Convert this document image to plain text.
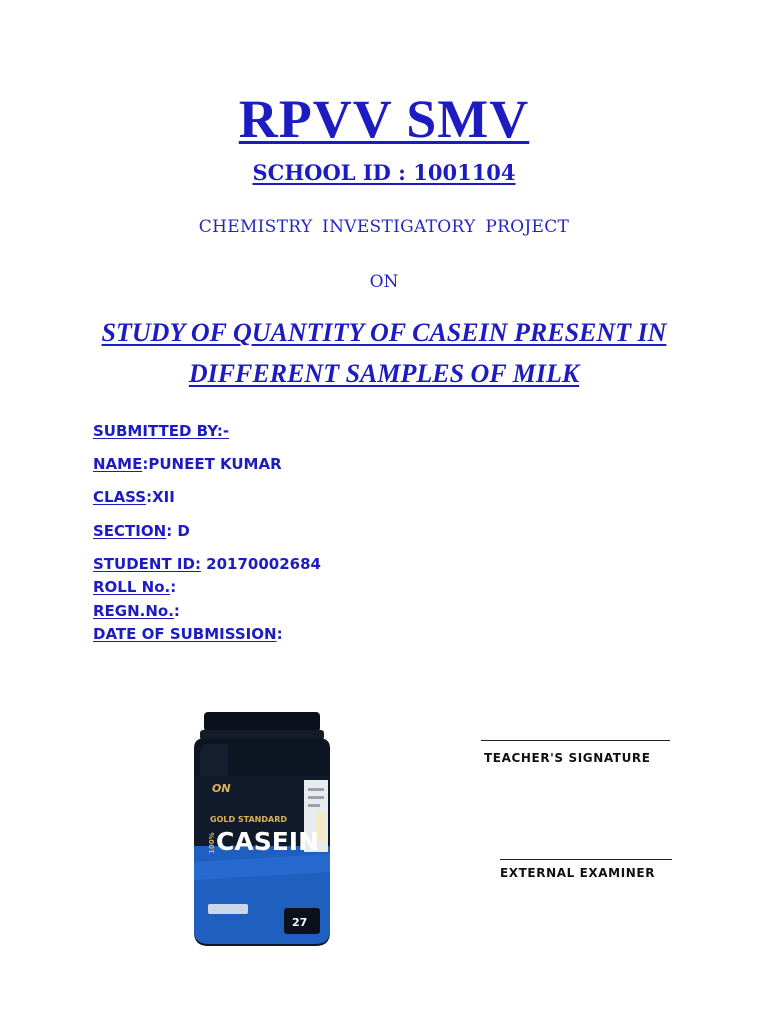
RPVV SMV
SCHOOL ID : 1001104
CHEMISTRY INVESTIGATORY PROJECT
ON
STUDY OF QUANTITY OF CASEIN PRESENT IN
DIFFERENT SAMPLES OF MILK
SUBMITTED BY:-
NAME:PUNEET KUMAR
CLASS:XII
SECTION: D
STUDENT ID: 20170002684
ROLL No.:
REGN.No.:
DATE OF SUBMISSION:
ON
GOLD STANDARD
100% CASEIN
27
TEACHER'S SIGNATURE
EXTERNAL EXAMINER
